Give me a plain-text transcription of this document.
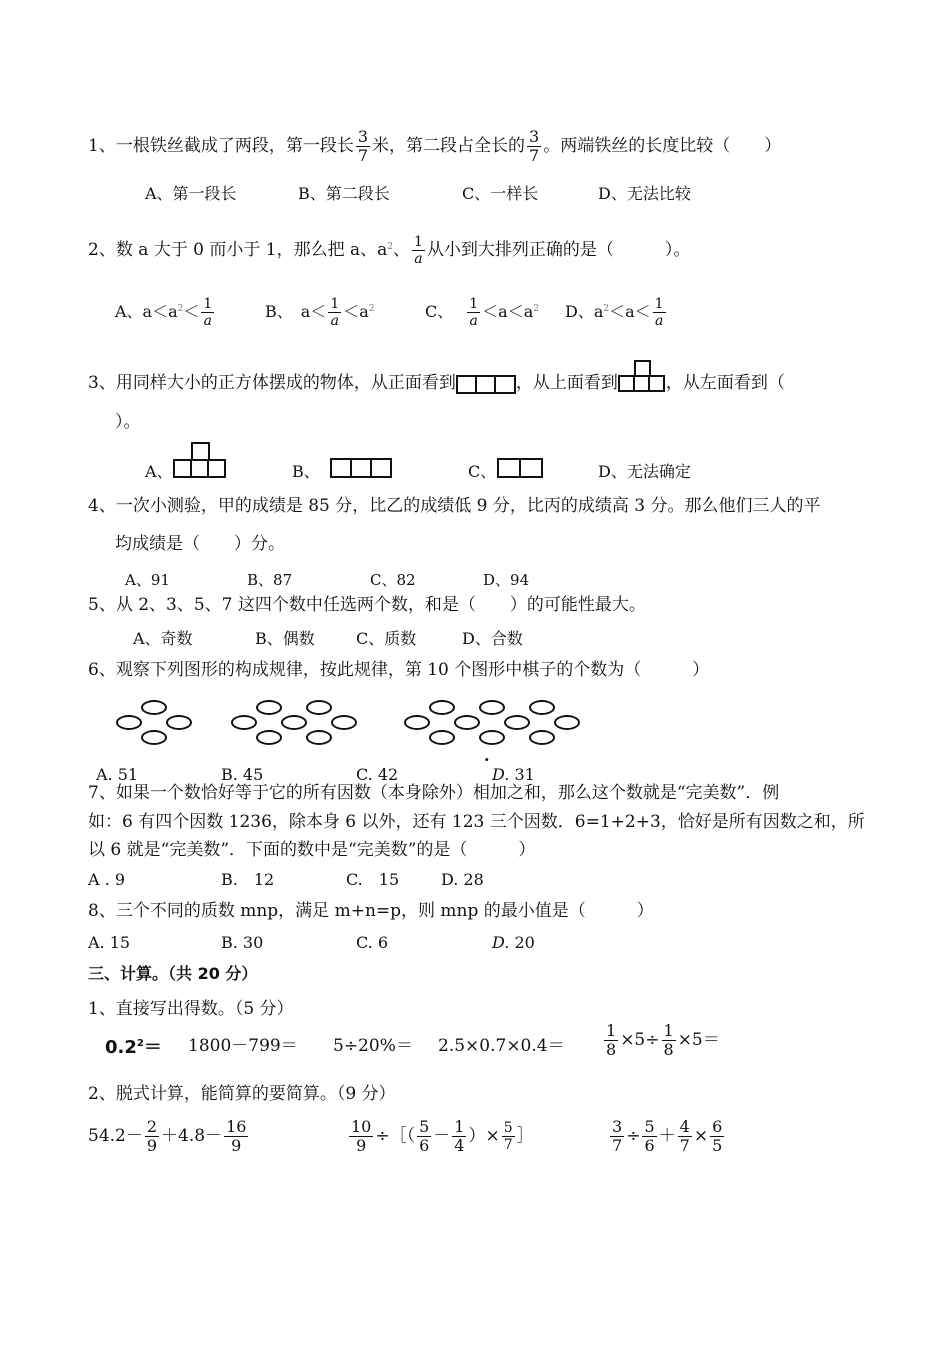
1、一根铁丝截成了两段，第一段长 $\frac{3}{7}$ 米，第二段占全长的 $\frac{3}{7}$ 。两端铁丝的长度比较（　　）
A、第一段长	B、第二段长	C、一样长	D、无法比较
2、数 a 大于 0 而小于 1，那么把 a、$a^2$、 $\frac{1}{a}$ 从小到大排列正确的是（　　　）。
A、$a<a^2< \frac{1}{a}$	B、　$a< \frac{1}{a} <a^2$	C、 $\frac{1}{a} <a<a^2$ D、$a^2<a< \frac{1}{a}$
3、用同样大小的正方体摆成的物体，从正面看到	，从上面看到	，从左面看到（
）。
A、	B、	C、	D、无法确定
4、一次小测验，甲的成绩是 85 分，比乙的成绩低 9 分，比丙的成绩高 3 分。那么他们三人的平
均成绩是（　　）分。
A、91	B、87	C、82	D、94
5、从 2、3、5、7 这四个数中任选两个数，和是（　　）的可能性最大。
A、奇数	B、偶数	C、质数	D、合数
6、观察下列图形的构成规律，按此规律，第 10 个图形中棋子的个数为（　　　）
.
A. 51	B. 45	C. 42	D. 31
7、如果一个数恰好等于它的所有因数（本身除外）相加之和，那么这个数就是“完美数”．例
如：6 有四个因数 1236，除本身 6 以外，还有 123 三个因数．6=1+2+3，恰好是所有因数之和，所
以 6 就是“完美数”．下面的数中是“完美数”的是（　　　）
A . 9	B.　12	C.　15	D. 28
8、三个不同的质数 mnp，满足 m+n=p，则 mnp 的最小值是（　　　）
A. 15	B. 30	C. 6	D. 20
三、计算。（共 20 分）
1、直接写出得数。（5 分）
$0.2^2= 1800-799= 5\div 20\%= 2.5\times 0.7\times 0.4= \frac{1}{8} \times 5\div \frac{1}{8} \times 5=$
2、脱式计算，能简算的要简算。（9 分）
$54.2- \frac{2}{9} +4.8- \frac{16}{9}$	$\frac{10}{9}$ ÷［（ $\frac{5}{6} - \frac{1}{4}$ ）× $\frac{5}{7}$ ］	$\frac{3}{7} \div \frac{5}{6} + \frac{4}{7} \times \frac{6}{5}$
